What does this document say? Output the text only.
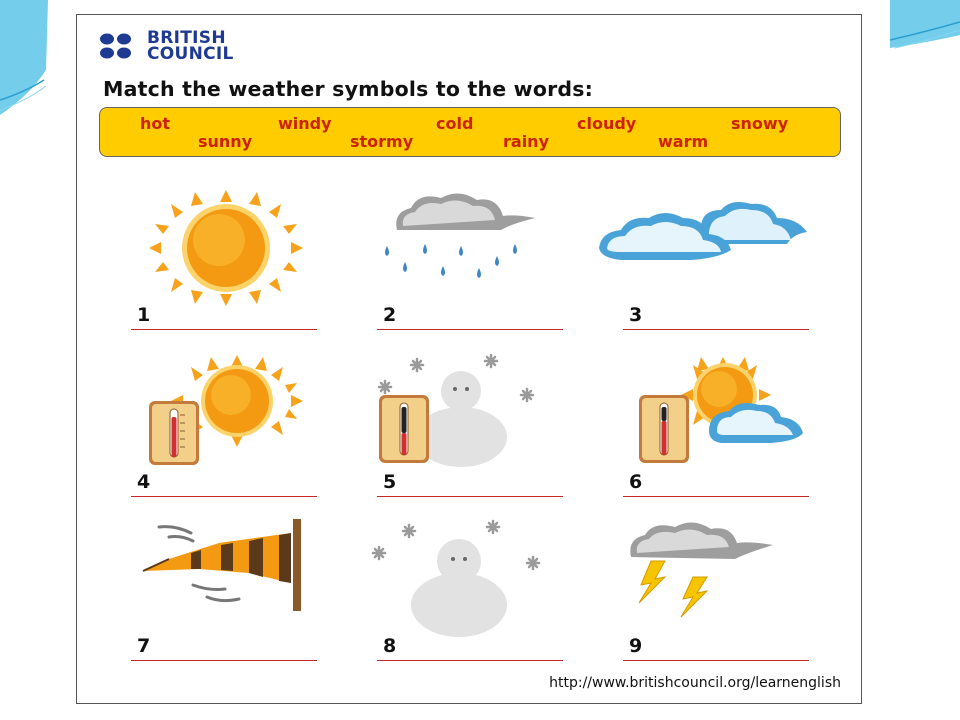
BRITISH
COUNCIL
Match the weather symbols to the words:
hot	windy	cold	cloudy	snowy
sunny	stormy	rainy	warm
1	2	3
4	5	6
7	8	9
http://www.britishcouncil.org/learnenglish
